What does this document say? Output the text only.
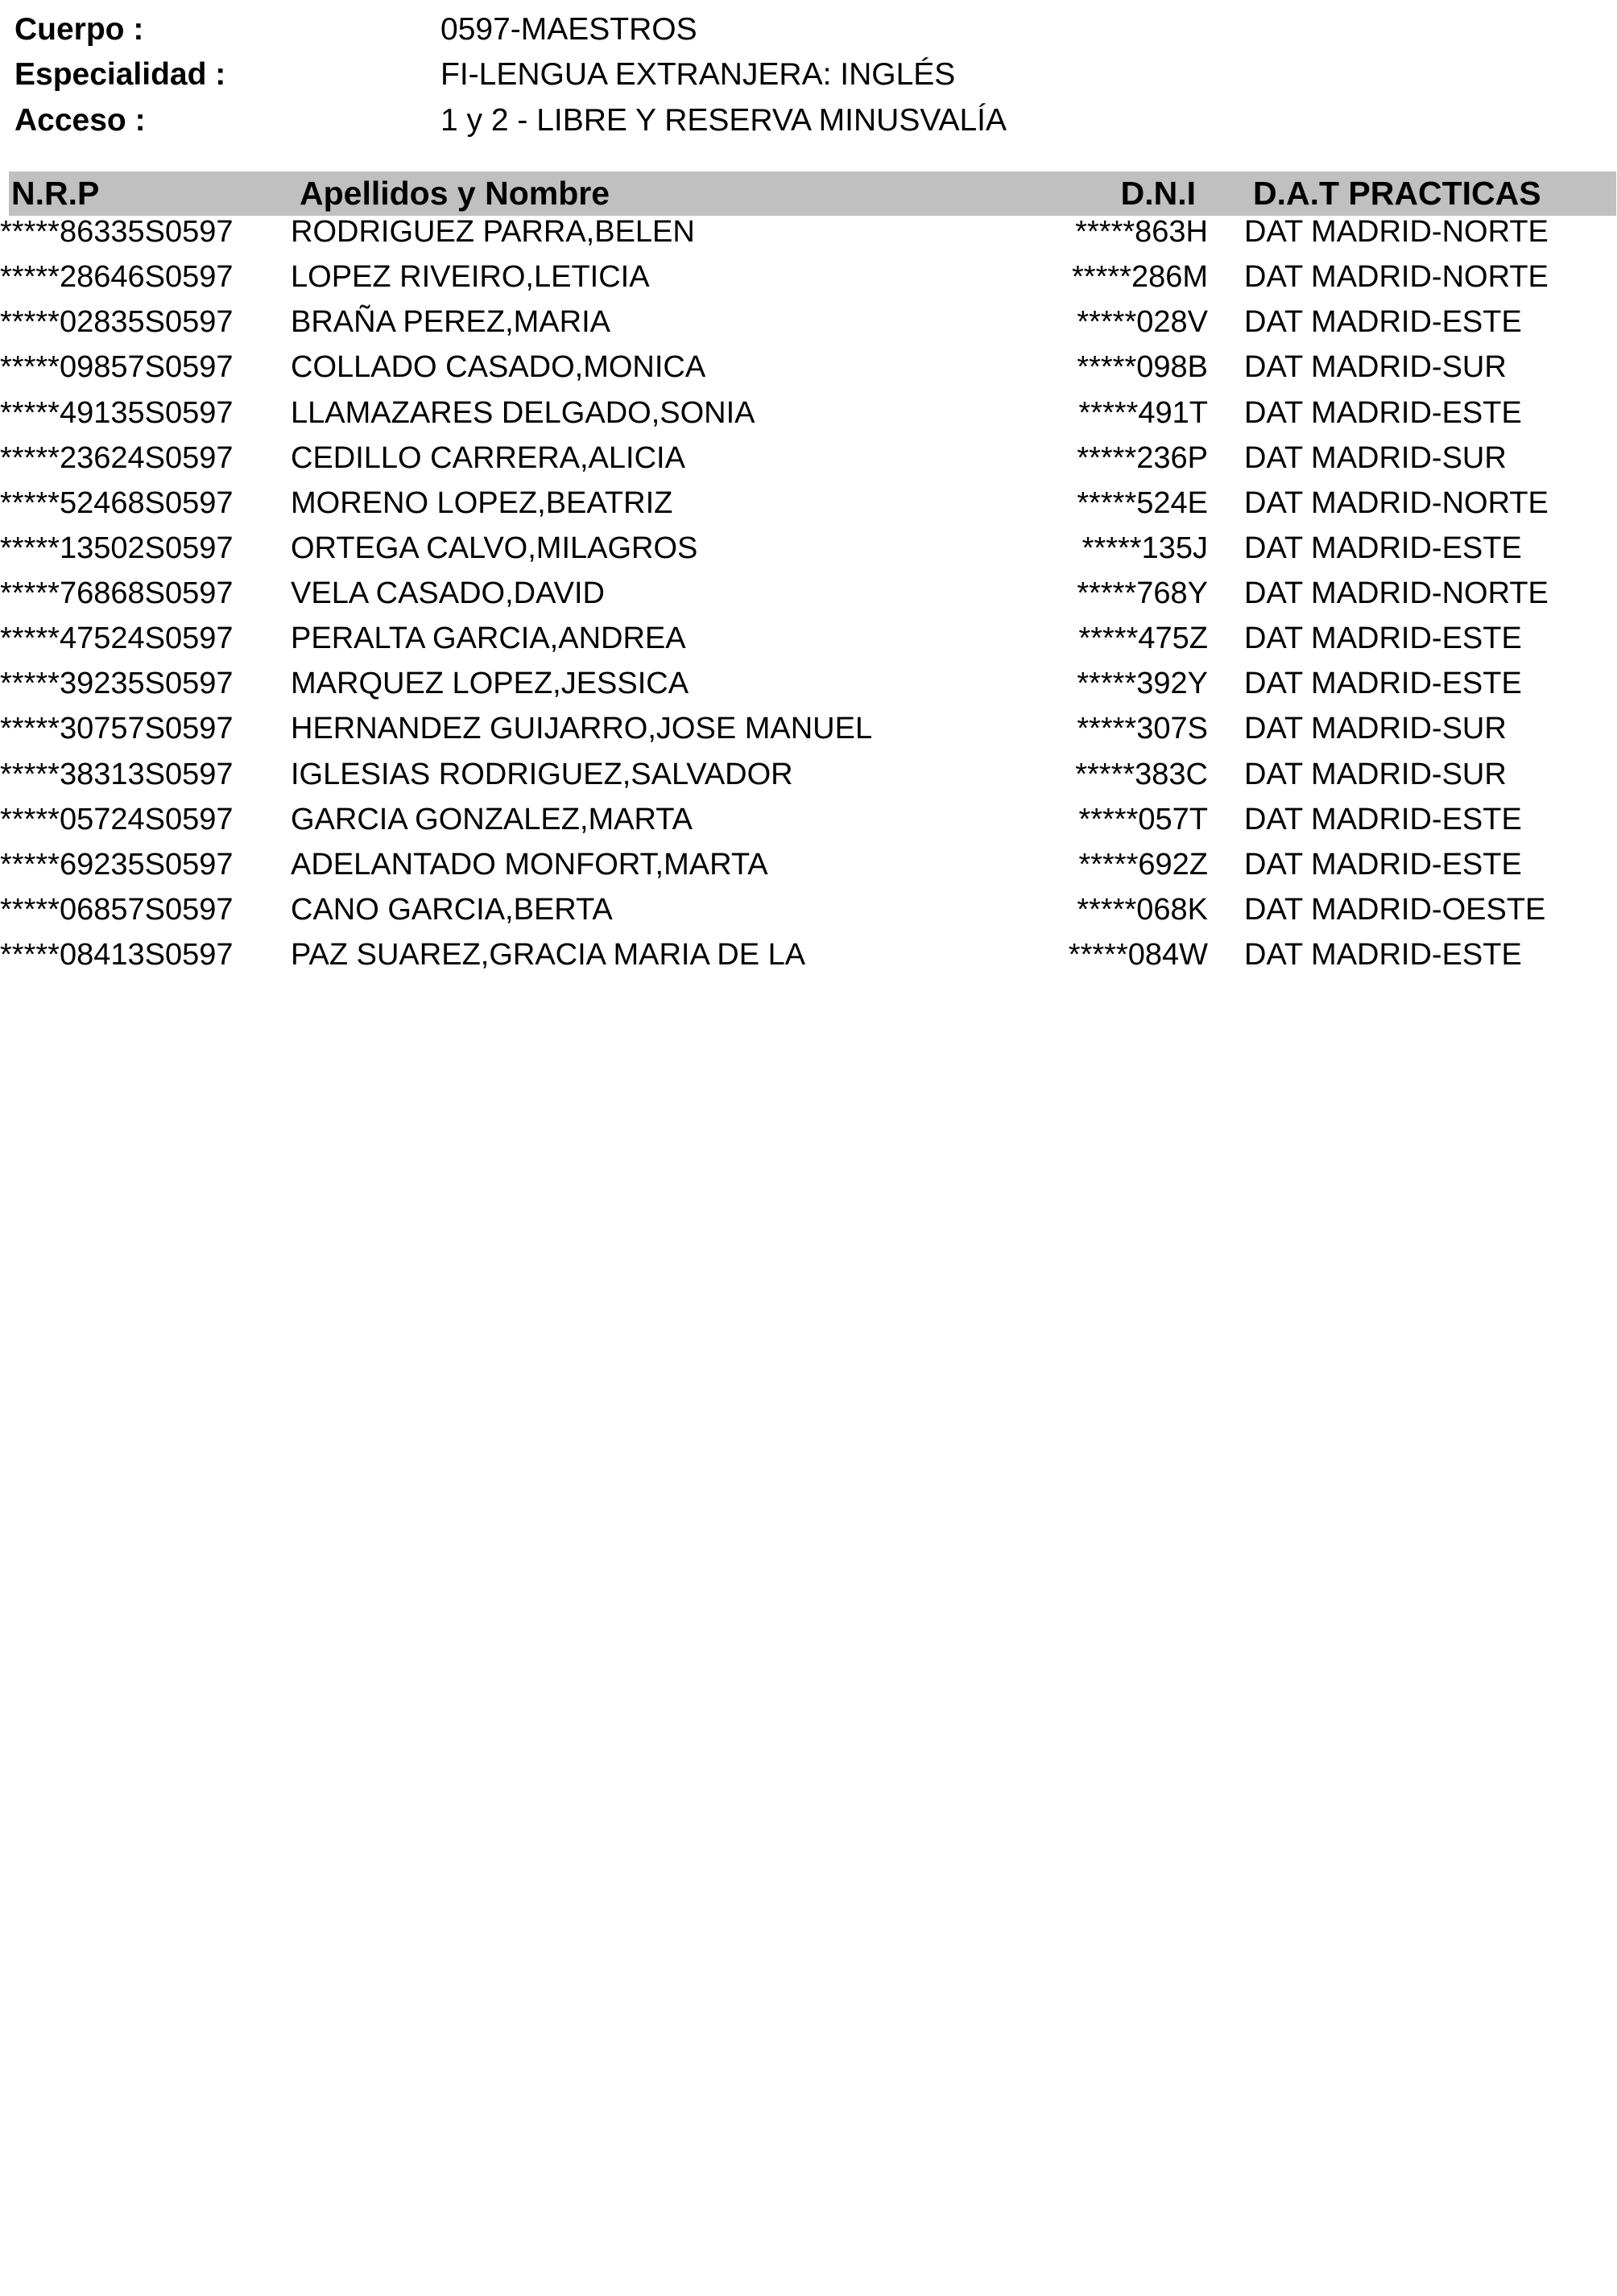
Cuerpo :	0597-MAESTROS
Especialidad :	FI-LENGUA EXTRANJERA: INGLÉS
Acceso :	1 y 2 - LIBRE Y RESERVA MINUSVALÍA
N.R.P	Apellidos y Nombre	D.N.I D.A.T PRACTICAS
*****86335S0597 RODRIGUEZ PARRA,BELEN	*****863H DAT MADRID-NORTE
*****28646S0597 LOPEZ RIVEIRO,LETICIA	*****286M DAT MADRID-NORTE
*****02835S0597 BRAÑA PEREZ,MARIA	*****028V DAT MADRID-ESTE
*****09857S0597 COLLADO CASADO,MONICA	*****098B DAT MADRID-SUR
*****49135S0597 LLAMAZARES DELGADO,SONIA	*****491T DAT MADRID-ESTE
*****23624S0597 CEDILLO CARRERA,ALICIA	*****236P DAT MADRID-SUR
*****52468S0597 MORENO LOPEZ,BEATRIZ	*****524E DAT MADRID-NORTE
*****13502S0597 ORTEGA CALVO,MILAGROS	*****135J DAT MADRID-ESTE
*****76868S0597 VELA CASADO,DAVID	*****768Y DAT MADRID-NORTE
*****47524S0597 PERALTA GARCIA,ANDREA	*****475Z DAT MADRID-ESTE
*****39235S0597 MARQUEZ LOPEZ,JESSICA	*****392Y DAT MADRID-ESTE
*****30757S0597 HERNANDEZ GUIJARRO,JOSE MANUEL	*****307S DAT MADRID-SUR
*****38313S0597 IGLESIAS RODRIGUEZ,SALVADOR	*****383C DAT MADRID-SUR
*****05724S0597 GARCIA GONZALEZ,MARTA	*****057T DAT MADRID-ESTE
*****69235S0597 ADELANTADO MONFORT,MARTA	*****692Z DAT MADRID-ESTE
*****06857S0597 CANO GARCIA,BERTA	*****068K DAT MADRID-OESTE
*****08413S0597 PAZ SUAREZ,GRACIA MARIA DE LA	*****084W DAT MADRID-ESTE
